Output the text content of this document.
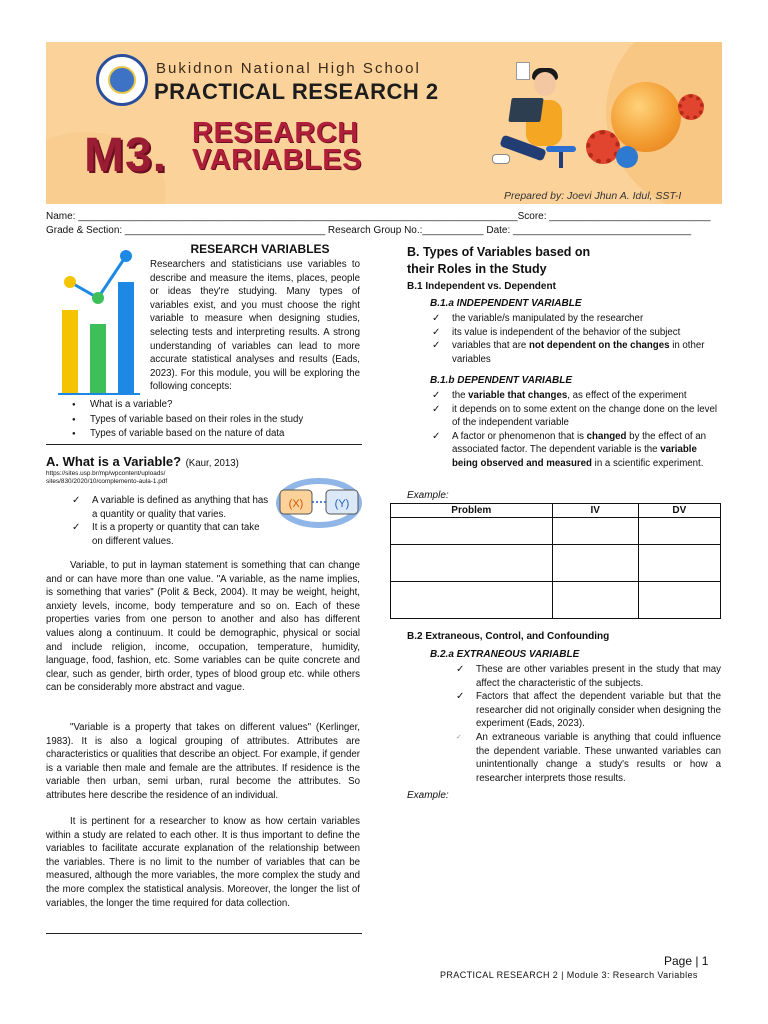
Bukidnon National High School
PRACTICAL RESEARCH 2
M3. RESEARCH
VARIABLES
Prepared by: Joevi Jhun A. Idul, SST-I
Name: _______________________________________________________________________________Score: _____________________________
Grade & Section: ____________________________________ Research Group No.:___________ Date: ________________________________
RESEARCH VARIABLES
Researchers and statisticians use variables to describe and measure the items, places, people or ideas they're studying. Many types of variables exist, and you must choose the right variable to measure when designing studies, selecting tests and interpreting results. A strong understanding of variables can lead to more accurate statistical analyses and results (Eads, 2023). For this module, you will be exploring the following concepts:
● What is a variable?
● Types of variable based on their roles in the study
● Types of variable based on the nature of data
A. What is a Variable? (Kaur, 2013)
https://sites.usp.br/mp/wpcontent/uploads/ sites/830/2020/10/complemento-aula-1.pdf
(X)	(Y)
✓ A variable is defined as anything that has a quantity or quality that varies.
✓ It is a property or quantity that can take on different values.
Variable, to put in layman statement is something that can change and or can have more than one value. "A variable, as the name implies, is something that varies" (Polit & Beck, 2004). It may be weight, height, anxiety levels, income, body temperature and so on. Each of these properties varies from one person to another and also has different values along a continuum. It could be demographic, physical or social and include religion, income, occupation, temperature, humidity, language, food, fashion, etc. Some variables can be quite concrete and clear, such as gender, birth order, types of blood group etc. while others can be considerably more abstract and vague.
"Variable is a property that takes on different values" (Kerlinger, 1983). It is also a logical grouping of attributes. Attributes are characteristics or qualities that describe an object. For example, if gender is a variable then male and female are the attributes. If residence is the variable then urban, semi urban, rural become the attributes. So attributes here describe the residence of an individual.
It is pertinent for a researcher to know as how certain variables within a study are related to each other. It is thus important to define the variables to facilitate accurate explanation of the relationship between the variables. There is no limit to the number of variables that can be measured, although the more variables, the more complex the study and the more complex the statistical analysis. Moreover, the longer the list of variables, the longer the time required for data collection.
B. Types of Variables based on
their Roles in the Study
B.1 Independent vs. Dependent
B.1.a INDEPENDENT VARIABLE
✓ the variable/s manipulated by the researcher
✓ its value is independent of the behavior of the subject
✓ variables that are not dependent on the changes in other variables
B.1.b DEPENDENT VARIABLE
✓ the variable that changes, as effect of the experiment
✓ it depends on to some extent on the change done on the level of the independent variable
✓ A factor or phenomenon that is changed by the effect of an associated factor. The dependent variable is the variable being observed and measured in a scientific experiment.
Example:
Problem	IV	DV

B.2 Extraneous, Control, and Confounding
B.2.a EXTRANEOUS VARIABLE
✓ These are other variables present in the study that may affect the characteristic of the subjects.
✓ Factors that affect the dependent variable but that the researcher did not originally consider when designing the experiment (Eads, 2023).
✓ An extraneous variable is anything that could influence the dependent variable. These unwanted variables can unintentionally change a study's results or how a researcher interprets those results.
Example:
Page | 1
PRACTICAL RESEARCH 2 | Module 3: Research Variables
